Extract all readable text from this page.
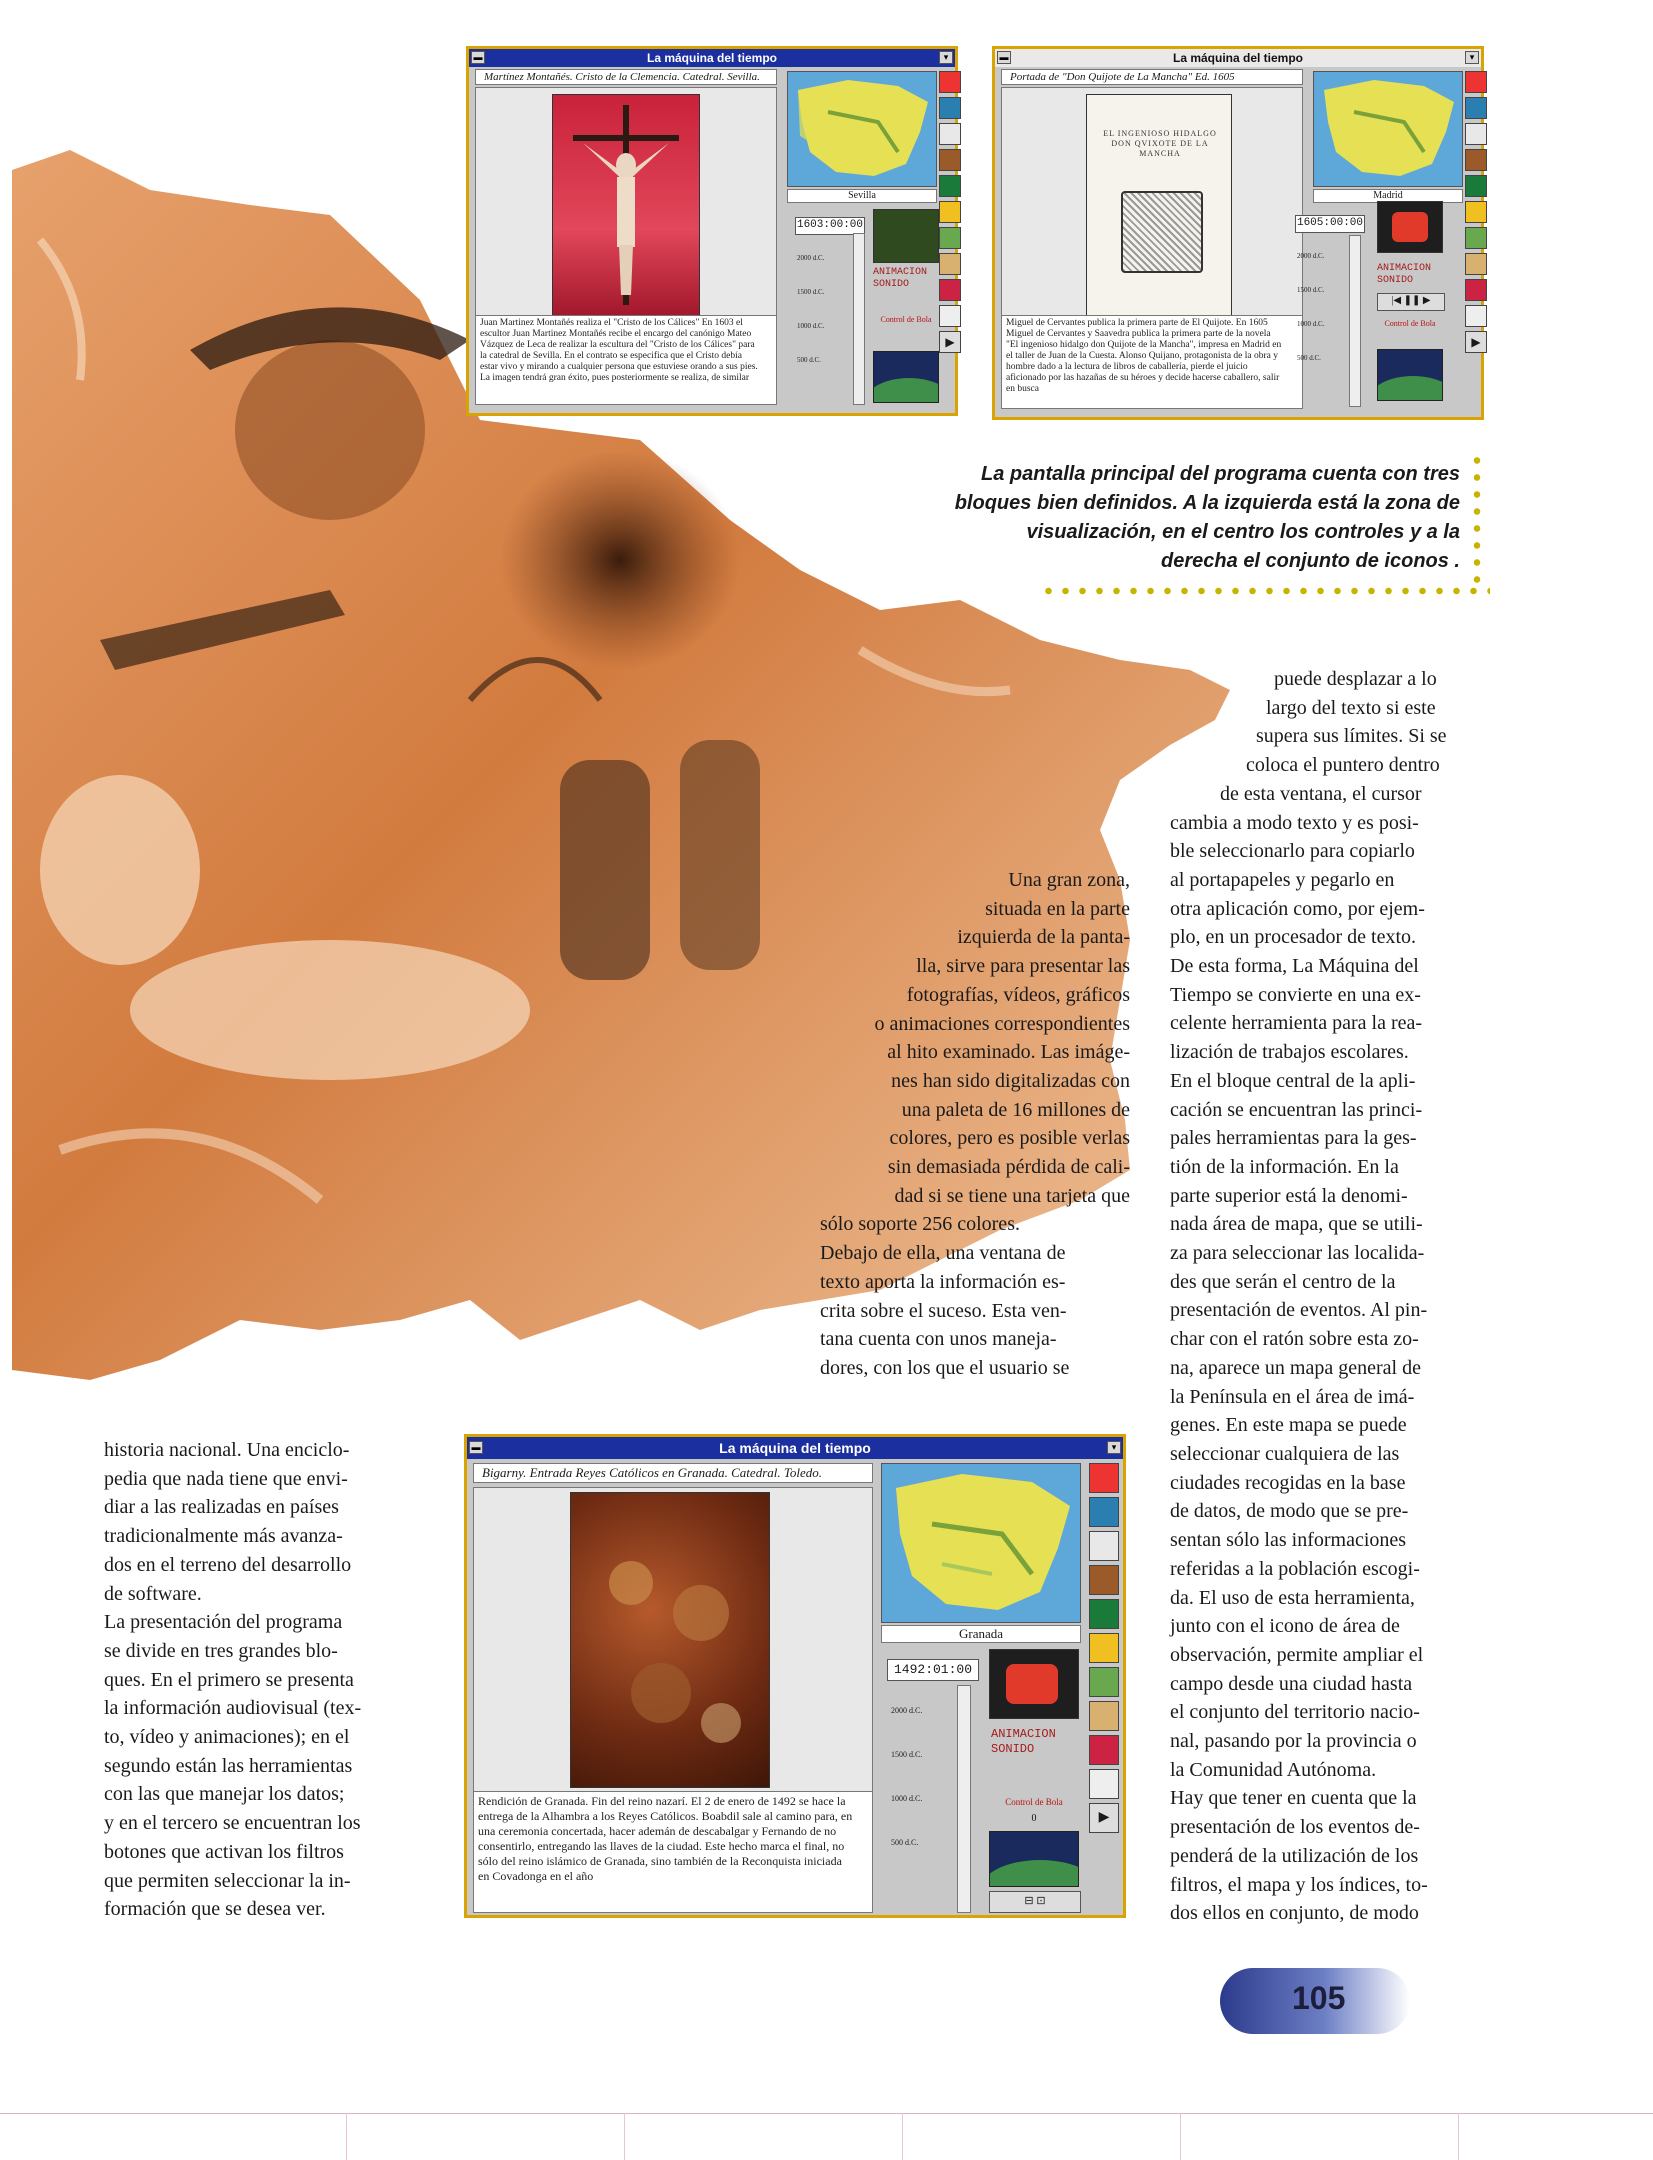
La máquina del tiempo
▬	▾
Martínez Montañés. Cristo de la Clemencia. Catedral. Sevilla.
Juan Martinez Montañés realiza el "Cristo de los Cálices" En 1603 el escultor Juan Martinez Montañés recibe el encargo del canónigo Mateo Vázquez de Leca de realizar la escultura del "Cristo de los Cálices" para la catedral de Sevilla. En el contrato se especifica que el Cristo debía estar vivo y mirando a cualquier persona que estuviese orando a sus pies. La imagen tendrá gran éxito, pues posteriormente se realiza, de similar
Sevilla
1603:00:00
2000 d.C.
1500 d.C.
1000 d.C.
500 d.C.
ANIMACION
SONIDO
Control de Bola
▶
La máquina del tiempo
▬	▾
Portada de "Don Quijote de La Mancha" Ed. 1605
EL INGENIOSO HIDALGO DON QVIXOTE DE LA MANCHA
Miguel de Cervantes publica la primera parte de El Quijote. En 1605 Miguel de Cervantes y Saavedra publica la primera parte de la novela "El ingenioso hidalgo don Quijote de la Mancha", impresa en Madrid en el taller de Juan de la Cuesta. Alonso Quijano, protagonista de la obra y hombre dado a la lectura de libros de caballería, pierde el juicio aficionado por las hazañas de su héroes y decide hacerse caballero, salir en busca
Madrid
1605:00:00
2000 d.C.
1500 d.C.
1000 d.C.
500 d.C.
ANIMACION
SONIDO
|◀ ❚❚ ▶
Control de Bola
▶
La pantalla principal del programa cuenta con tres
bloques bien definidos. A la izquierda está la zona de
visualización, en el centro los controles y a la
derecha el conjunto de iconos .
Una gran zona,
situada en la parte
izquierda de la panta-
lla, sirve para presentar las
fotografías, vídeos, gráficos
o animaciones correspondientes
al hito examinado. Las imáge-
nes han sido digitalizadas con
una paleta de 16 millones de
colores, pero es posible verlas
sin demasiada pérdida de cali-
dad si se tiene una tarjeta que
sólo soporte 256 colores.
Debajo de ella, una ventana de
texto aporta la información es-
crita sobre el suceso. Esta ven-
tana cuenta con unos maneja-
dores, con los que el usuario se
puede desplazar a lo
largo del texto si este
supera sus límites. Si se
coloca el puntero dentro
de esta ventana, el cursor
cambia a modo texto y es posi-
ble seleccionarlo para copiarlo
al portapapeles y pegarlo en
otra aplicación como, por ejem-
plo, en un procesador de texto.
De esta forma, La Máquina del
Tiempo se convierte en una ex-
celente herramienta para la rea-
lización de trabajos escolares.
En el bloque central de la apli-
cación se encuentran las princi-
pales herramientas para la ges-
tión de la información. En la
parte superior está la denomi-
nada área de mapa, que se utili-
za para seleccionar las localida-
des que serán el centro de la
presentación de eventos. Al pin-
char con el ratón sobre esta zo-
na, aparece un mapa general de
la Península en el área de imá-
genes. En este mapa se puede
seleccionar cualquiera de las
ciudades recogidas en la base
de datos, de modo que se pre-
sentan sólo las informaciones
referidas a la población escogi-
da. El uso de esta herramienta,
junto con el icono de área de
observación, permite ampliar el
campo desde una ciudad hasta
el conjunto del territorio nacio-
nal, pasando por la provincia o
la Comunidad Autónoma.
Hay que tener en cuenta que la
presentación de los eventos de-
penderá de la utilización de los
filtros, el mapa y los índices, to-
dos ellos en conjunto, de modo
historia nacional. Una enciclo-
pedia que nada tiene que envi-
diar a las realizadas en países
tradicionalmente más avanza-
dos en el terreno del desarrollo
de software.
La presentación del programa
se divide en tres grandes blo-
ques. En el primero se presenta
la información audiovisual (tex-
to, vídeo y animaciones); en el
segundo están las herramientas
con las que manejar los datos;
y en el tercero se encuentran los
botones que activan los filtros
que permiten seleccionar la in-
formación que se desea ver.
La máquina del tiempo
▬	▾
Bigarny. Entrada Reyes Católicos en Granada. Catedral. Toledo.
Rendición de Granada. Fin del reino nazarí. El 2 de enero de 1492 se hace la entrega de la Alhambra a los Reyes Católicos. Boabdil sale al camino para, en una ceremonia concertada, hacer ademán de descabalgar y Fernando de no consentirlo, entregando las llaves de la ciudad. Este hecho marca el final, no sólo del reino islámico de Granada, sino también de la Reconquista iniciada en Covadonga en el año
Granada
1492:01:00
2000 d.C.
1500 d.C.
1000 d.C.
500 d.C.
ANIMACION
SONIDO
Control de Bola
0
⊟ ⊡
▶
105
